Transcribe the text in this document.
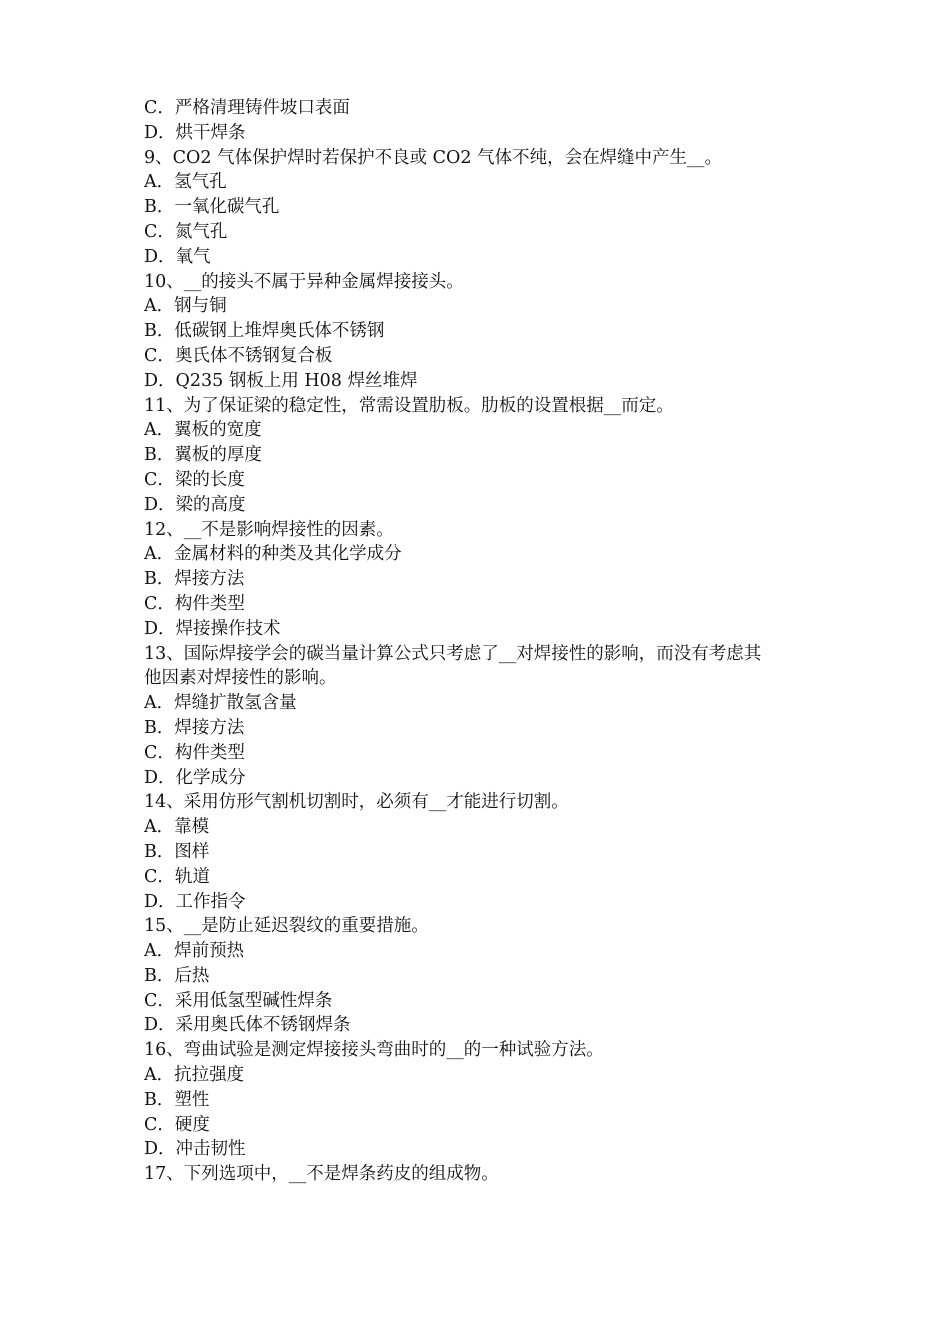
C．严格清理铸件坡口表面
D．烘干焊条
9、CO2 气体保护焊时若保护不良或 CO2 气体不纯，会在焊缝中产生__。
A．氢气孔
B．一氧化碳气孔
C．氮气孔
D．氧气
10、__的接头不属于异种金属焊接接头。
A．钢与铜
B．低碳钢上堆焊奥氏体不锈钢
C．奥氏体不锈钢复合板
D．Q235 钢板上用 H08 焊丝堆焊
11、为了保证梁的稳定性，常需设置肋板。肋板的设置根据__而定。
A．翼板的宽度
B．翼板的厚度
C．梁的长度
D．梁的高度
12、__不是影响焊接性的因素。
A．金属材料的种类及其化学成分
B．焊接方法
C．构件类型
D．焊接操作技术
13、国际焊接学会的碳当量计算公式只考虑了__对焊接性的影响，而没有考虑其
他因素对焊接性的影响。
A．焊缝扩散氢含量
B．焊接方法
C．构件类型
D．化学成分
14、采用仿形气割机切割时，必须有__才能进行切割。
A．靠模
B．图样
C．轨道
D．工作指令
15、__是防止延迟裂纹的重要措施。
A．焊前预热
B．后热
C．采用低氢型碱性焊条
D．采用奥氏体不锈钢焊条
16、弯曲试验是测定焊接接头弯曲时的__的一种试验方法。
A．抗拉强度
B．塑性
C．硬度
D．冲击韧性
17、下列选项中，__不是焊条药皮的组成物。
